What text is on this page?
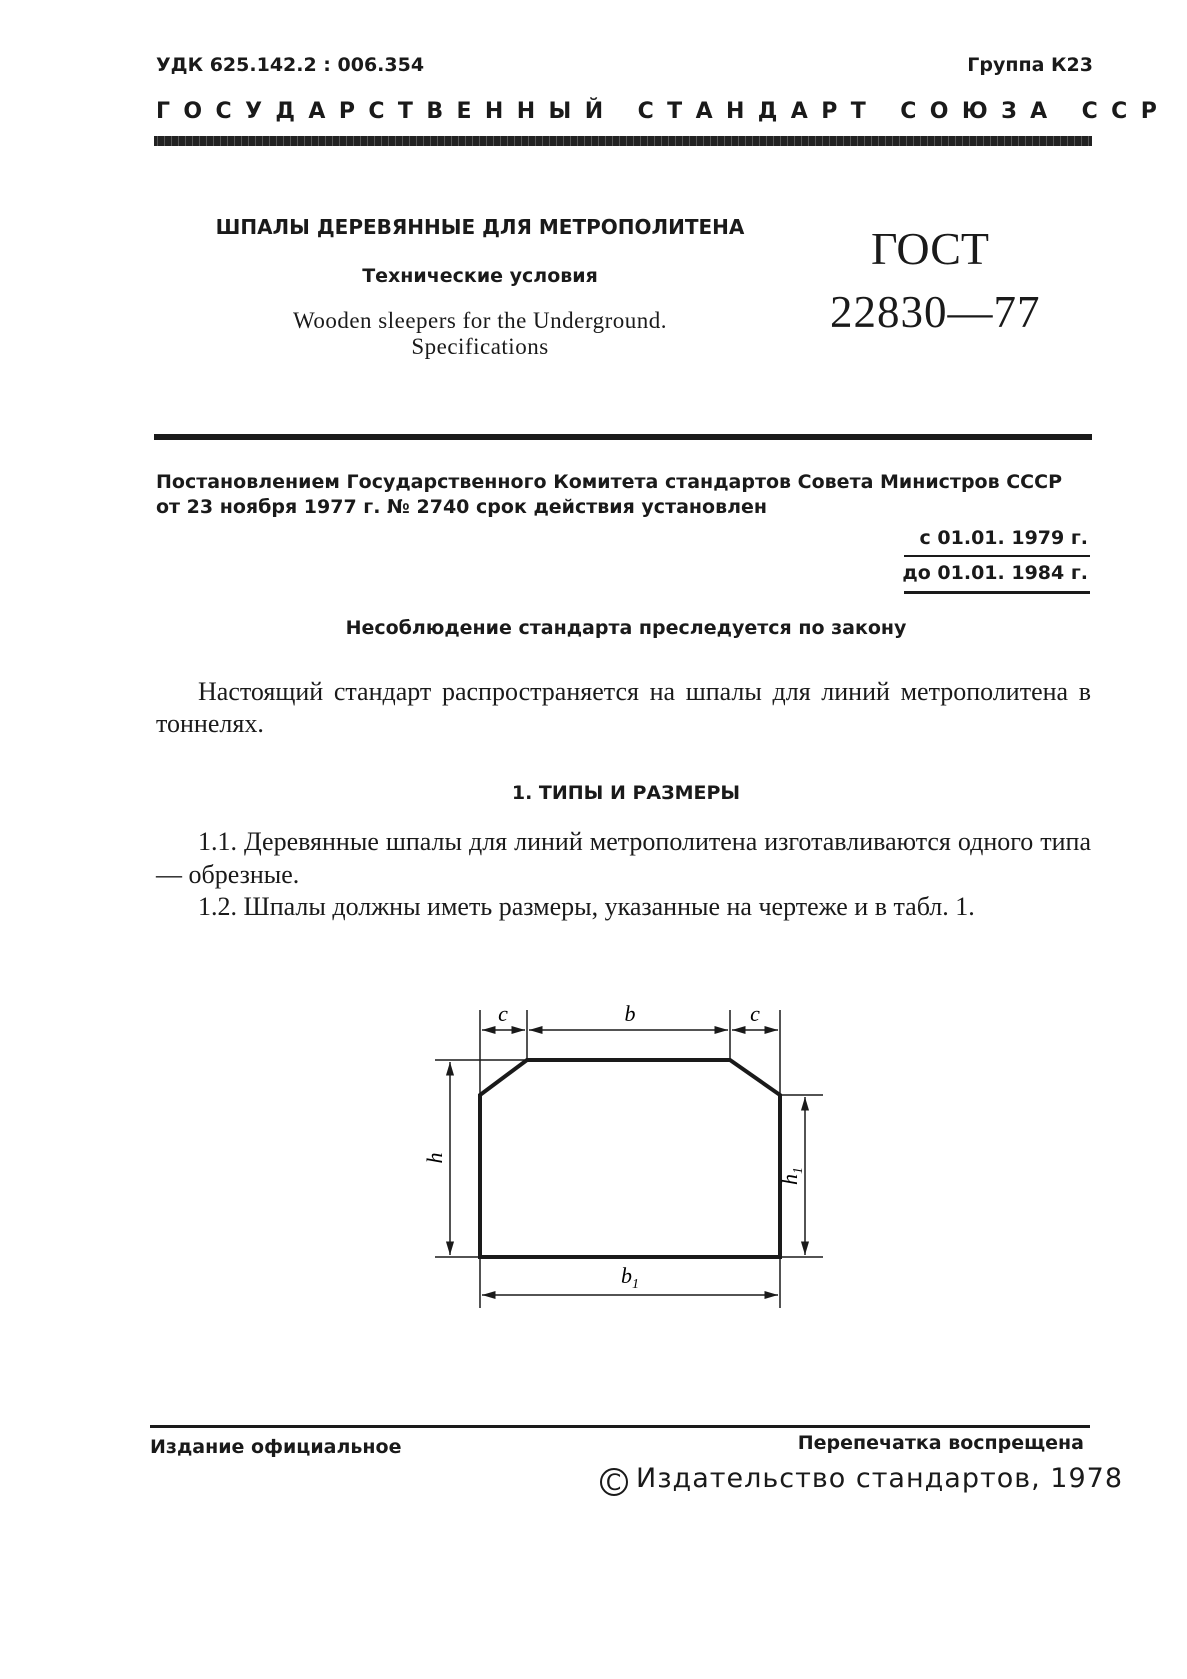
УДК 625.142.2 : 006.354	Группа К23
ГОСУДАРСТВЕННЫЙ СТАНДАРТ СОЮЗА ССР
ШПАЛЫ ДЕРЕВЯННЫЕ ДЛЯ МЕТРОПОЛИТЕНА
Технические условия
Wooden sleepers for the Underground.
Specifications
ГОСТ
22830—77
Постановлением Государственного Комитета стандартов Совета Министров СССР
от 23 ноября 1977 г. № 2740 срок действия установлен
с 01.01. 1979 г.
до 01.01. 1984 г.
Несоблюдение стандарта преследуется по закону
Настоящий стандарт распространяется на шпалы для линий метрополитена в тоннелях.
1. ТИПЫ И РАЗМЕРЫ
1.1. Деревянные шпалы для линий метрополитена изготавливаются одного типа — обрезные.
1.2. Шпалы должны иметь размеры, указанные на чертеже и в табл. 1.
c	b	c
h
$h_1$
$b_1$
Издание официальное	Перепечатка воспрещена
C Издательство стандартов, 1978
